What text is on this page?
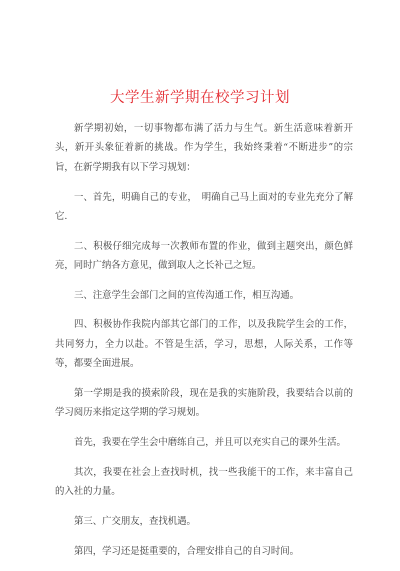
大学生新学期在校学习计划

新学期初始，一切事物都布满了活力与生气。新生活意味着新开头，新开头象征着新的挑战。作为学生，我始终秉着“不断进步”的宗旨，在新学期我有以下学习规划：

一、首先，明确自己的专业，　明确自己马上面对的专业先充分了解它.

二、积极仔细完成每一次教师布置的作业，做到主题突出，颜色鲜亮，同时广纳各方意见，做到取人之长补己之短。

三、注意学生会部门之间的宣传沟通工作，相互沟通。

四、积极协作我院内部其它部门的工作，以及我院学生会的工作，共同努力，全力以赴。不管是生活，学习，思想，人际关系，工作等等，都要全面进展。

第一学期是我的摸索阶段，现在是我的实施阶段，我要结合以前的学习阅历来指定这学期的学习规划。

首先，我要在学生会中磨练自己，并且可以充实自己的课外生活。

其次，我要在社会上查找时机，找一些我能干的工作，来丰富自己的入社的力量。

第三、广交朋友，查找机遇。

第四，学习还是挺重要的，合理安排自己的自习时间。
